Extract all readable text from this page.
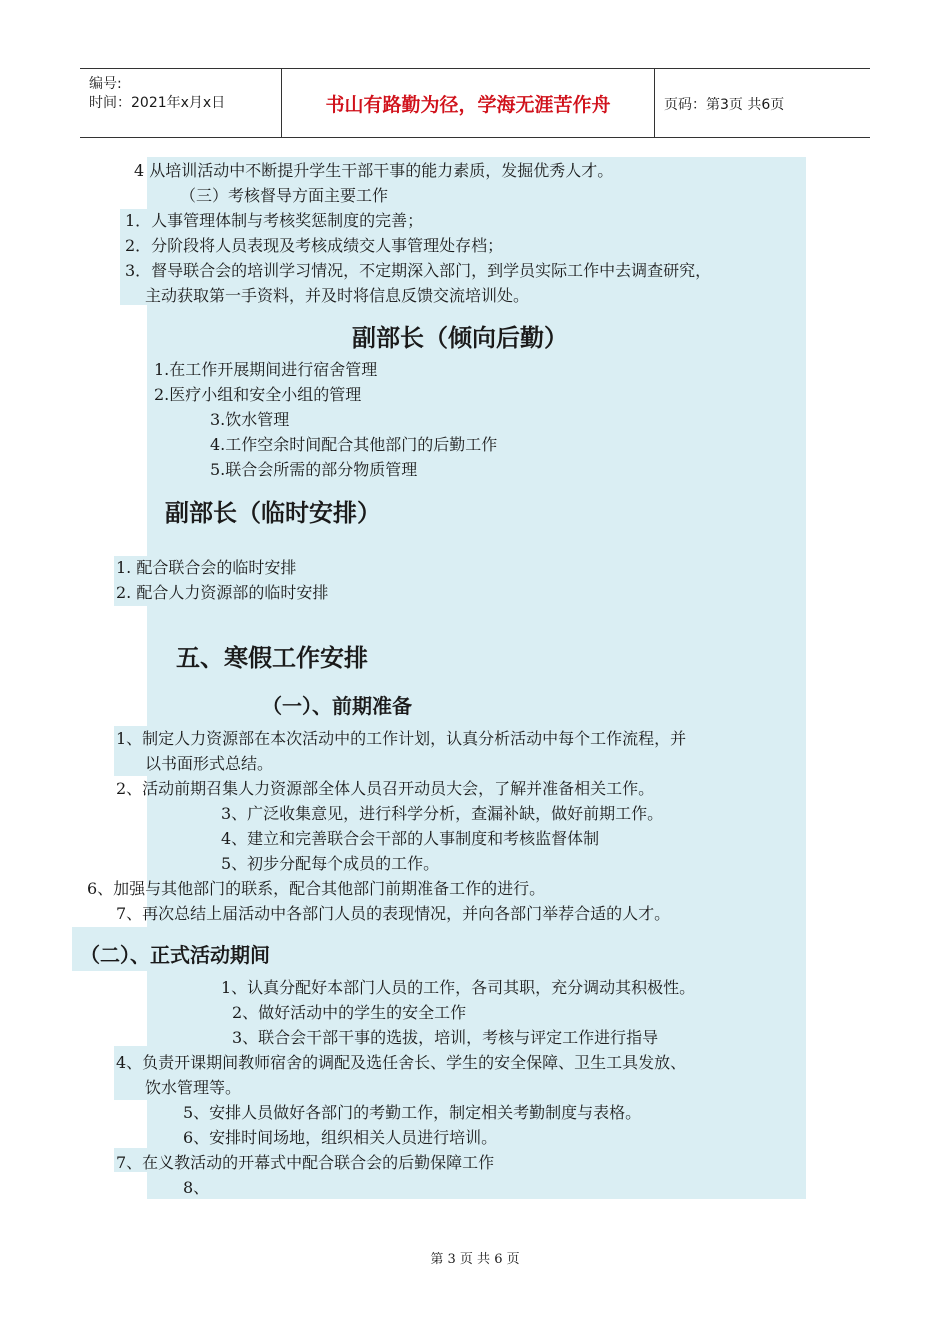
编号:
时间：2021年x月x日	书山有路勤为径，学海无涯苦作舟	页码：第3页 共6页
4 从培训活动中不断提升学生干部干事的能力素质，发掘优秀人才。
（三）考核督导方面主要工作
1．人事管理体制与考核奖惩制度的完善；
2．分阶段将人员表现及考核成绩交人事管理处存档；
3．督导联合会的培训学习情况，不定期深入部门，到学员实际工作中去调查研究，
主动获取第一手资料，并及时将信息反馈交流培训处。
副部长（倾向后勤）
1.在工作开展期间进行宿舍管理
2.医疗小组和安全小组的管理
3.饮水管理
4.工作空余时间配合其他部门的后勤工作
5.联合会所需的部分物质管理
副部长（临时安排）
1. 配合联合会的临时安排
2. 配合人力资源部的临时安排
五、寒假工作安排
（一）、前期准备
1、制定人力资源部在本次活动中的工作计划，认真分析活动中每个工作流程，并
以书面形式总结。
2、活动前期召集人力资源部全体人员召开动员大会，了解并准备相关工作。
3、广泛收集意见，进行科学分析，查漏补缺，做好前期工作。
4、建立和完善联合会干部的人事制度和考核监督体制
5、初步分配每个成员的工作。
6、加强与其他部门的联系，配合其他部门前期准备工作的进行。
7、再次总结上届活动中各部门人员的表现情况，并向各部门举荐合适的人才。
（二）、正式活动期间
1、认真分配好本部门人员的工作，各司其职，充分调动其积极性。
2、做好活动中的学生的安全工作
3、联合会干部干事的选拔，培训，考核与评定工作进行指导
4、负责开课期间教师宿舍的调配及选任舍长、学生的安全保障、卫生工具发放、
饮水管理等。
5、安排人员做好各部门的考勤工作，制定相关考勤制度与表格。
6、安排时间场地，组织相关人员进行培训。
7、在义教活动的开幕式中配合联合会的后勤保障工作
8、
第 3 页 共 6 页
